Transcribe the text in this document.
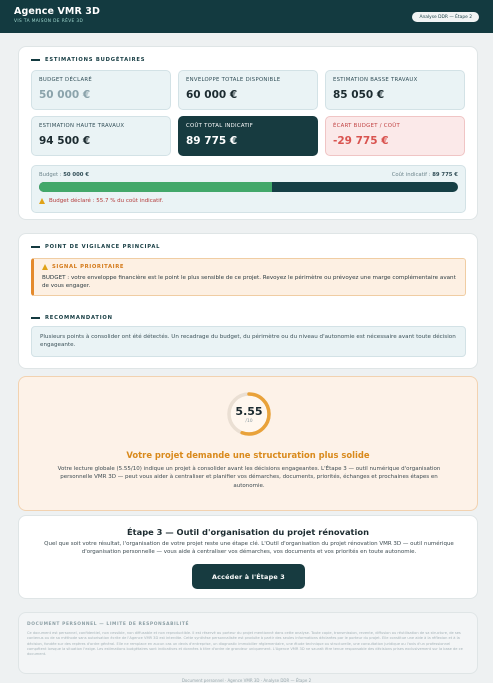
Agence VMR 3D
VIS TA MAISON DE RÊVE 3D
Analyse DDR — Étape 2
ESTIMATIONS BUDGÉTAIRES
BUDGET DÉCLARÉ
50 000 €
ENVELOPPE TOTALE DISPONIBLE
60 000 €
ESTIMATION BASSE TRAVAUX
85 050 €
ESTIMATION HAUTE TRAVAUX
94 500 €
COÛT TOTAL INDICATIF
89 775 €
ÉCART BUDGET / COÛT
-29 775 €
Budget : 50 000 €	Coût indicatif : 89 775 €
Budget déclaré : 55.7 % du coût indicatif.
POINT DE VIGILANCE PRINCIPAL
SIGNAL PRIORITAIRE
BUDGET : votre enveloppe financière est le point le plus sensible de ce projet. Revoyez le périmètre ou prévoyez une marge complémentaire avant de vous engager.
RECOMMANDATION
Plusieurs points à consolider ont été détectés. Un recadrage du budget, du périmètre ou du niveau d'autonomie est nécessaire avant toute décision engageante.
5.55
/10
Votre projet demande une structuration plus solide
Votre lecture globale (5.55/10) indique un projet à consolider avant les décisions engageantes. L'Étape 3 — outil numérique d'organisation personnelle VMR 3D — peut vous aider à centraliser et planifier vos démarches, documents, priorités, échanges et prochaines étapes en autonomie.
Étape 3 — Outil d'organisation du projet rénovation
Quel que soit votre résultat, l'organisation de votre projet reste une étape clé. L'Outil d'organisation du projet rénovation VMR 3D — outil numérique d'organisation personnelle — vous aide à centraliser vos démarches, vos documents et vos priorités en toute autonomie.
Accéder à l'Étape 3
DOCUMENT PERSONNEL — LIMITE DE RESPONSABILITÉ
Ce document est personnel, confidentiel, non cessible, non diffusable et non reproductible. Il est réservé au porteur du projet mentionné dans cette analyse. Toute copie, transmission, revente, diffusion ou réutilisation de sa structure, de ses contenus ou de sa méthode sans autorisation écrite de l'Agence VMR 3D est interdite. Cette synthèse personnalisée est produite à partir des seules informations déclarées par le porteur du projet. Elle constitue une aide à la réflexion et à la décision, fondée sur des repères d'ordre général. Elle ne remplace en aucun cas un devis d'entreprise, un diagnostic immobilier réglementaire, une étude technique ou structurelle, une consultation juridique ou l'avis d'un professionnel compétent lorsque la situation l'exige. Les estimations budgétaires sont indicatives et données à titre d'ordre de grandeur uniquement. L'Agence VMR 3D ne saurait être tenue responsable des décisions prises exclusivement sur la base de ce document.
Document personnel · Agence VMR 3D · Analyse DDR — Étape 2
